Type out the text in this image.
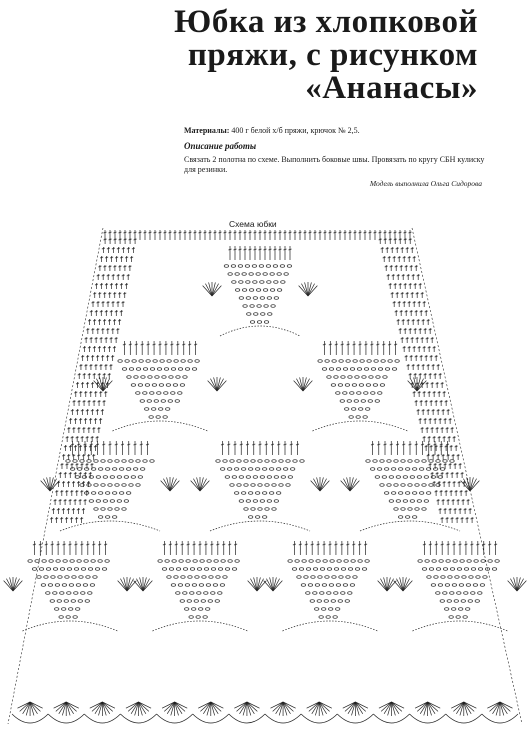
Юбка из хлопковой
пряжи, с рисунком
«Ананасы»

Материалы: 400 г белой х/б пряжи, крючок № 2,5.

Описание работы

Связать 2 полотна по схеме. Выполнить боковые швы. Провязать по кругу СБН кулиску для резинки.

Модель выполнила Ольга Сидорова

Схема юбки
